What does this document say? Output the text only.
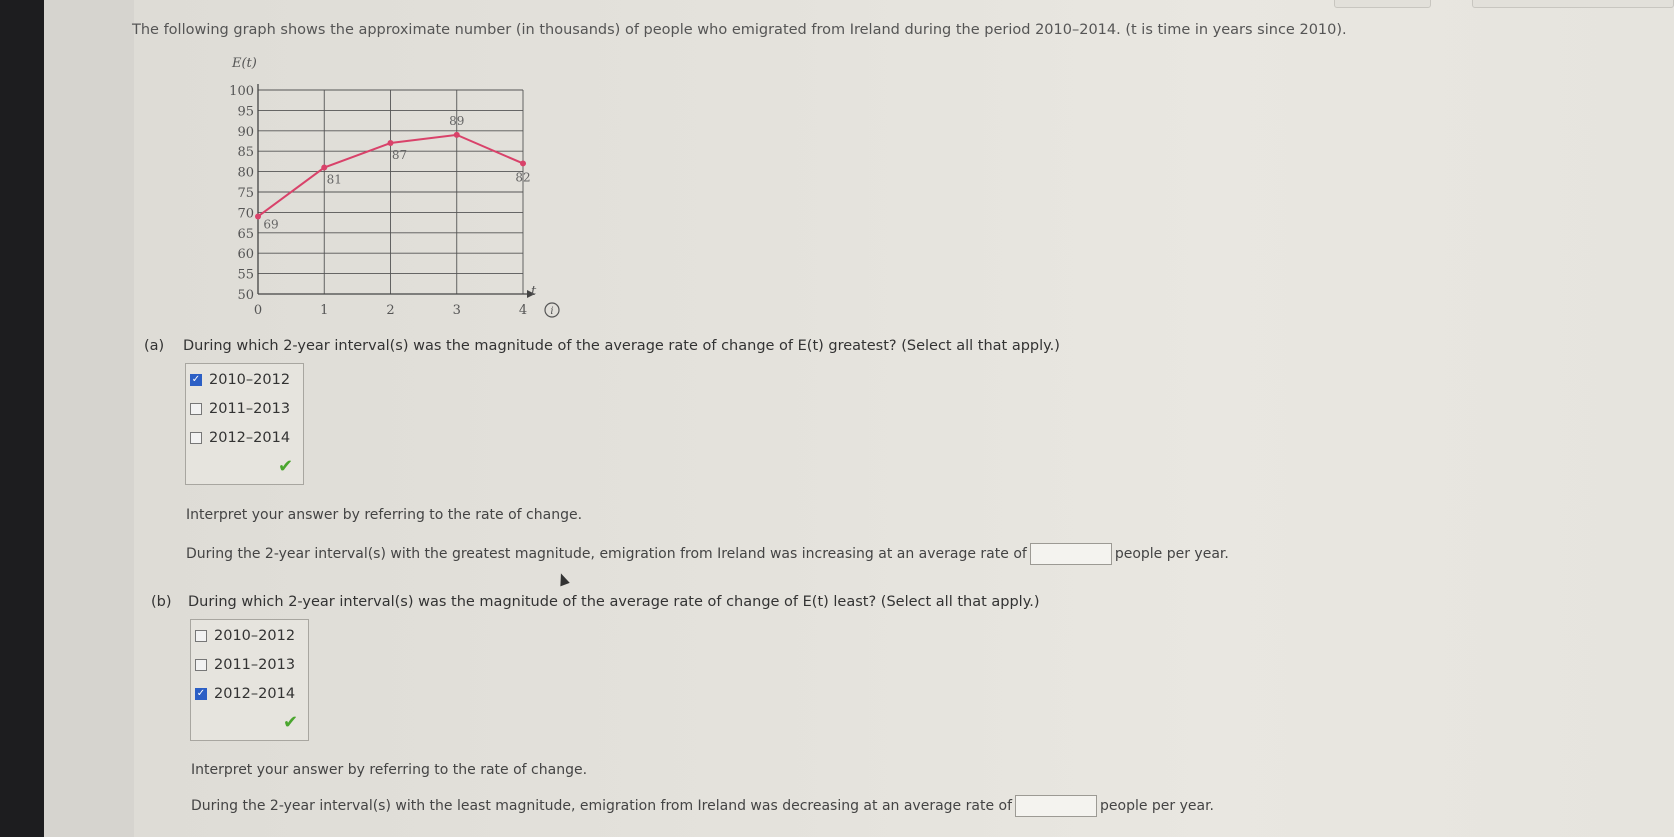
The following graph shows the approximate number (in thousands) of people who emigrated from Ireland during the period 2010–2014. (t is time in years since 2010).
50
55
60
65
70
75
80
85
90
95
100
0	1	2	3	4
69
81
87
89
82
E(t)
t
i
(a) During which 2-year interval(s) was the magnitude of the average rate of change of E(t) greatest? (Select all that apply.)
✓ 2010–2012
2011–2013
2012–2014
✔
Interpret your answer by referring to the rate of change.
During the 2-year interval(s) with the greatest magnitude, emigration from Ireland was increasing at an average rate of	people per year.
(b) During which 2-year interval(s) was the magnitude of the average rate of change of E(t) least? (Select all that apply.)
2010–2012
2011–2013
✓ 2012–2014
✔
Interpret your answer by referring to the rate of change.
During the 2-year interval(s) with the least magnitude, emigration from Ireland was decreasing at an average rate of	people per year.
